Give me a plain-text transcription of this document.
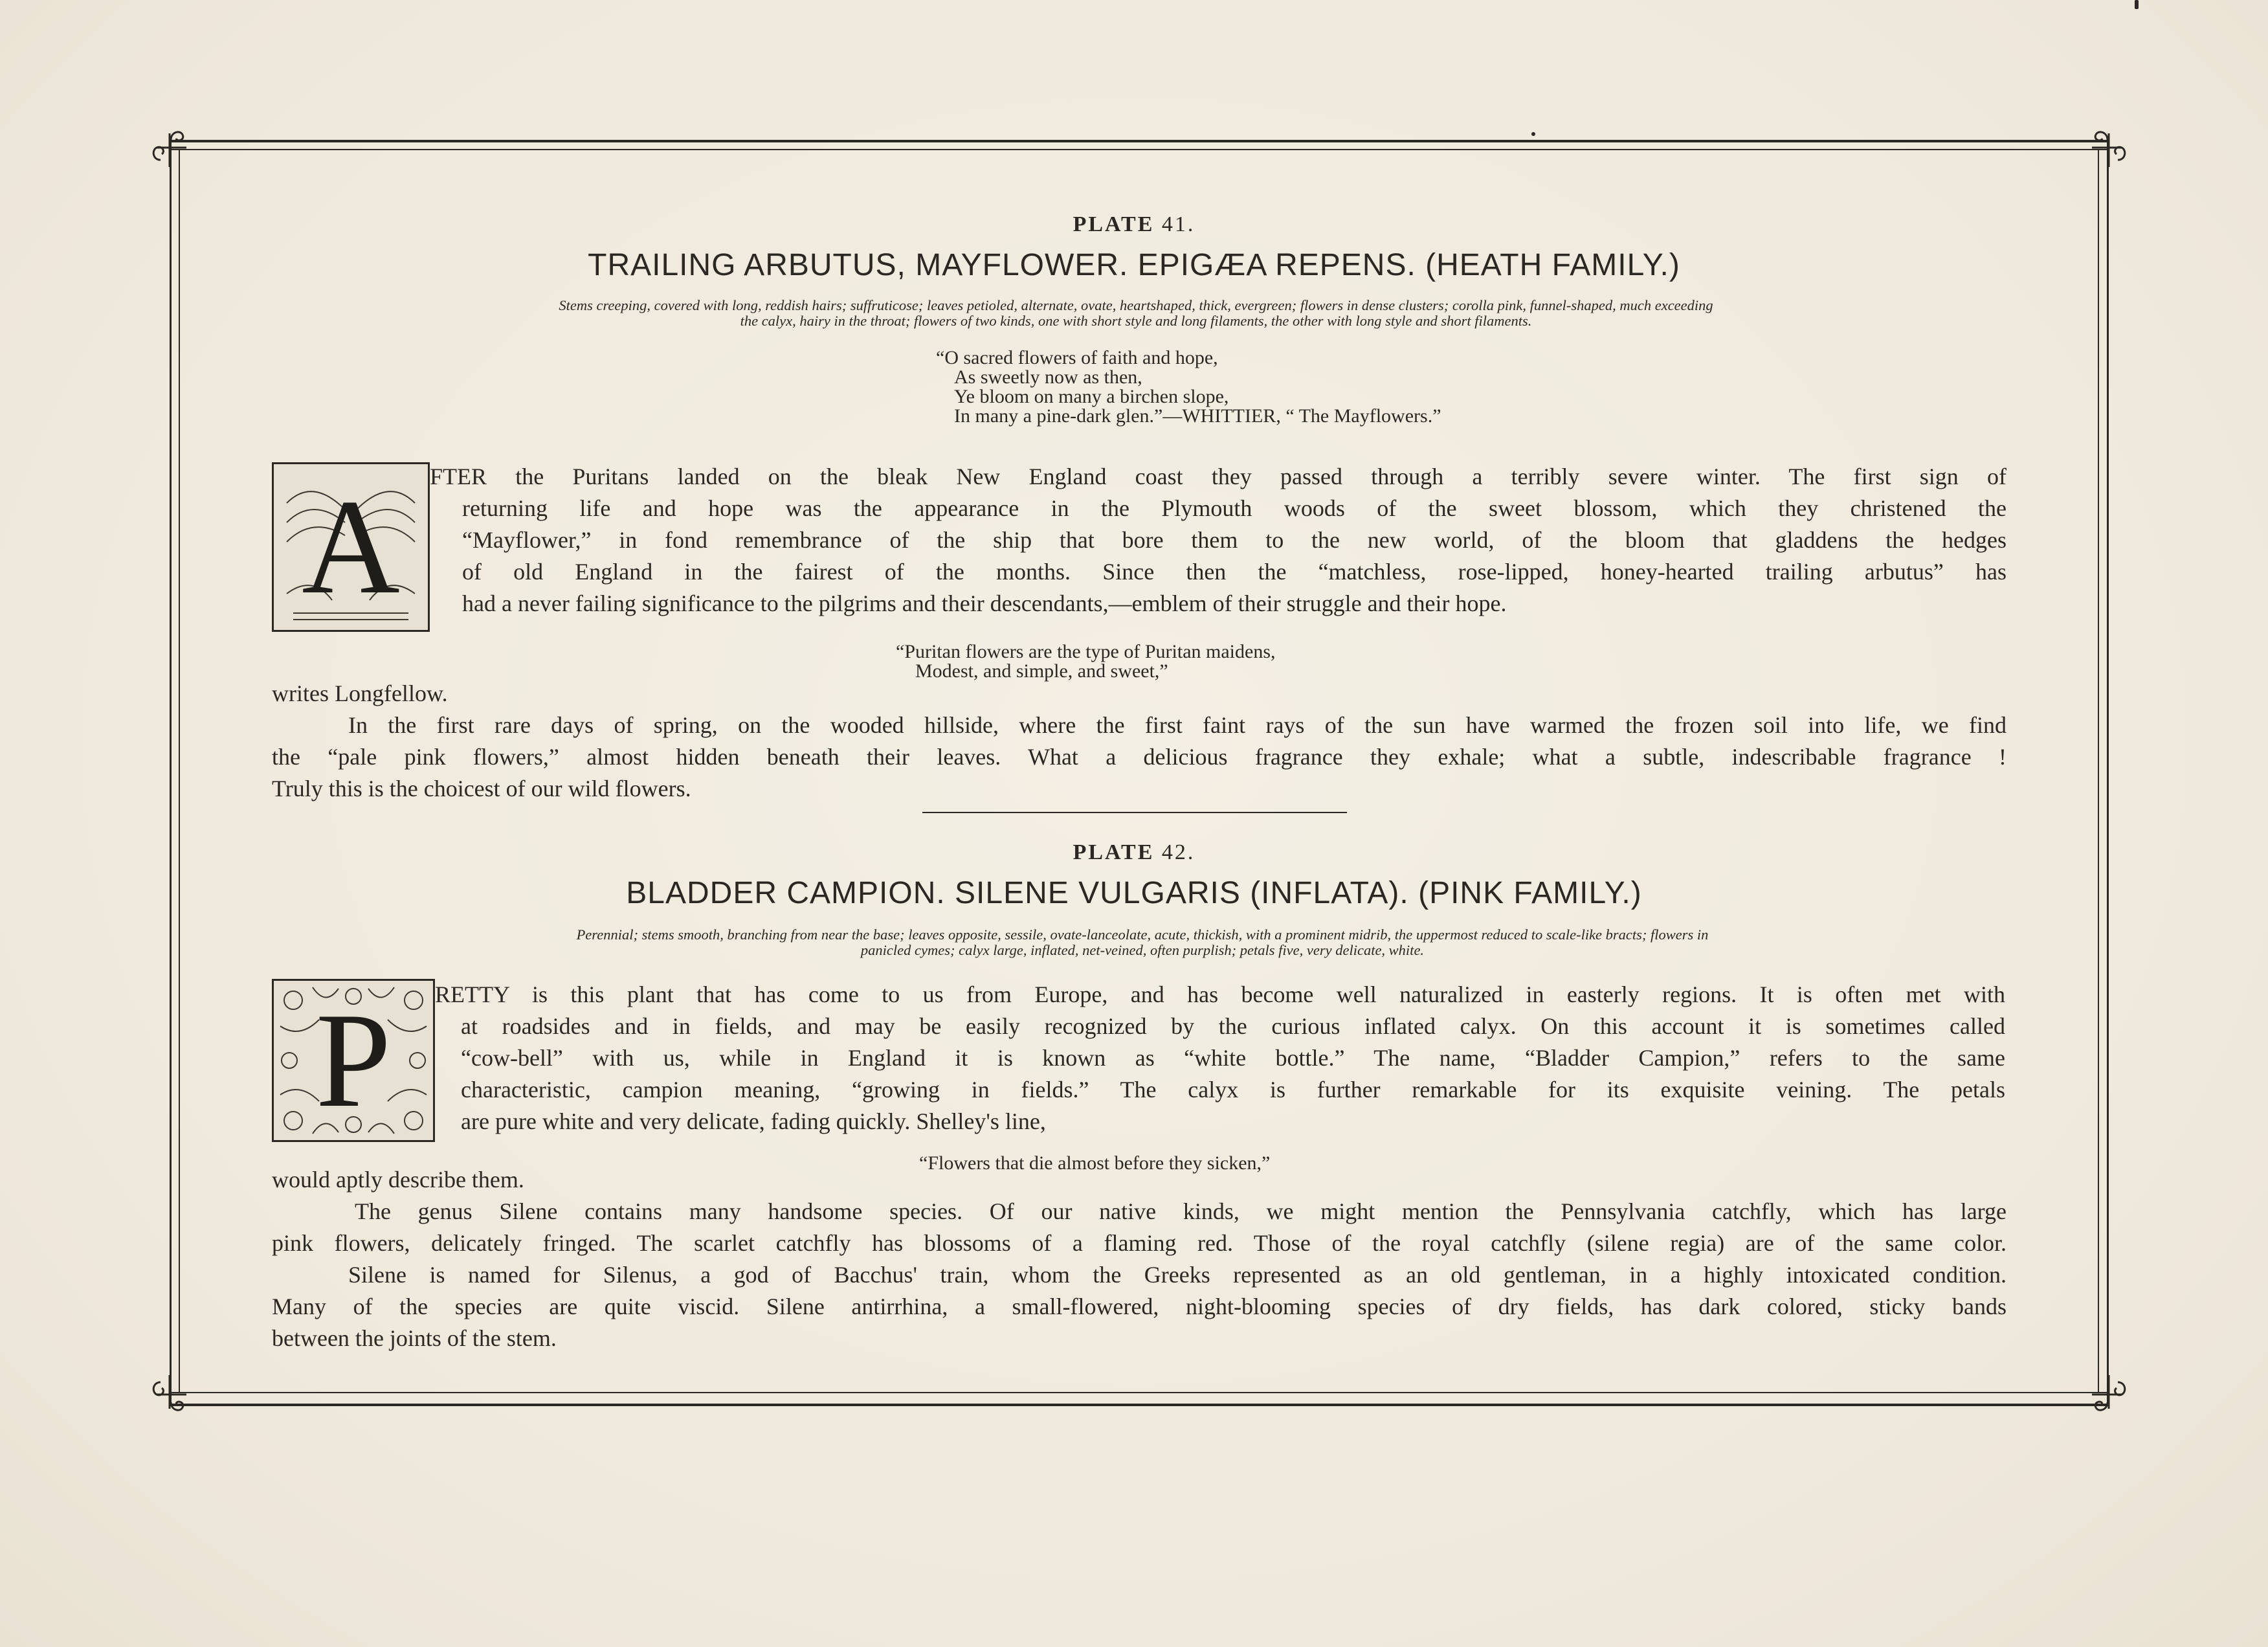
PLATE 41.
TRAILING ARBUTUS, MAYFLOWER. EPIGÆA REPENS. (HEATH FAMILY.)
Stems creeping, covered with long, reddish hairs; suffruticose; leaves petioled, alternate, ovate, heartshaped, thick, evergreen; flowers in dense clusters; corolla pink, funnel-shaped, much exceeding
the calyx, hairy in the throat; flowers of two kinds, one with short style and long filaments, the other with long style and short filaments.
“O sacred flowers of faith and hope,
As sweetly now as then,
Ye bloom on many a birchen slope,
In many a pine-dark glen.”—WHITTIER, “ The Mayflowers.”
A FTER the Puritans landed on the bleak New England coast they passed through a terribly severe winter. The first sign of
returning life and hope was the appearance in the Plymouth woods of the sweet blossom, which they christened the
“Mayflower,” in fond remembrance of the ship that bore them to the new world, of the bloom that gladdens the hedges
of old England in the fairest of the months. Since then the “matchless, rose-lipped, honey-hearted trailing arbutus” has
had a never failing significance to the pilgrims and their descendants,—emblem of their struggle and their hope.
“Puritan flowers are the type of Puritan maidens,
Modest, and simple, and sweet,”
writes Longfellow.
In the first rare days of spring, on the wooded hillside, where the first faint rays of the sun have warmed the frozen soil into life, we find
the “pale pink flowers,” almost hidden beneath their leaves. What a delicious fragrance they exhale; what a subtle, indescribable fragrance !
Truly this is the choicest of our wild flowers.
PLATE 42.
BLADDER CAMPION. SILENE VULGARIS (INFLATA). (PINK FAMILY.)
Perennial; stems smooth, branching from near the base; leaves opposite, sessile, ovate-lanceolate, acute, thickish, with a prominent midrib, the uppermost reduced to scale-like bracts; flowers in
panicled cymes; calyx large, inflated, net-veined, often purplish; petals five, very delicate, white.
P RETTY is this plant that has come to us from Europe, and has become well naturalized in easterly regions. It is often met with
at roadsides and in fields, and may be easily recognized by the curious inflated calyx. On this account it is sometimes called
“cow-bell” with us, while in England it is known as “white bottle.” The name, “Bladder Campion,” refers to the same
characteristic, campion meaning, “growing in fields.” The calyx is further remarkable for its exquisite veining. The petals
are pure white and very delicate, fading quickly. Shelley's line,
“Flowers that die almost before they sicken,”
would aptly describe them.
The genus Silene contains many handsome species. Of our native kinds, we might mention the Pennsylvania catchfly, which has large
pink flowers, delicately fringed. The scarlet catchfly has blossoms of a flaming red. Those of the royal catchfly (silene regia) are of the same color.
Silene is named for Silenus, a god of Bacchus' train, whom the Greeks represented as an old gentleman, in a highly intoxicated condition.
Many of the species are quite viscid. Silene antirrhina, a small-flowered, night-blooming species of dry fields, has dark colored, sticky bands
between the joints of the stem.
